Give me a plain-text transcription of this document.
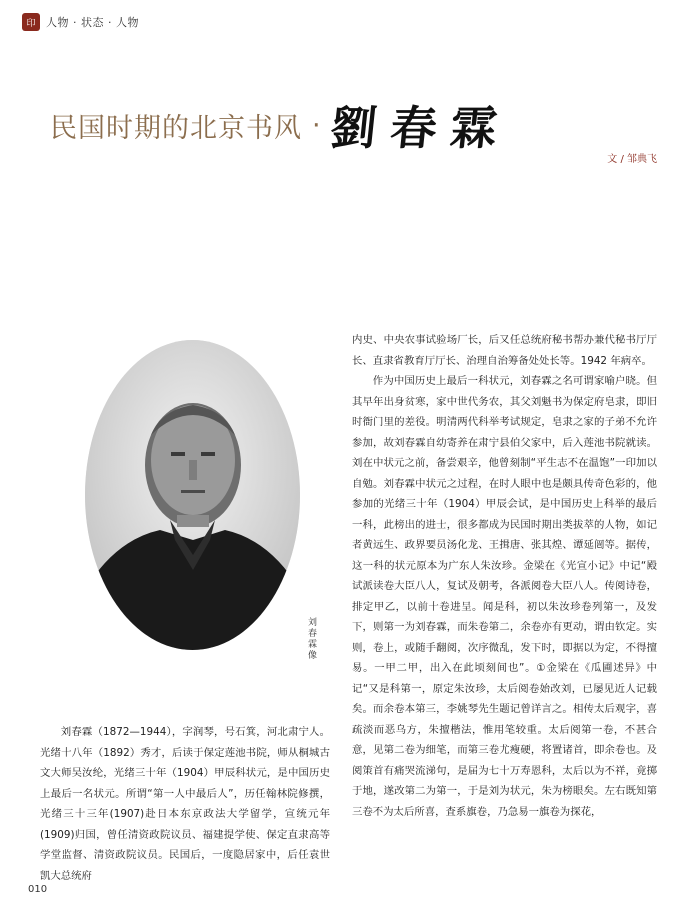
印 人物 · 状态 · 人物
民国时期的北京书风 · 劉春霖
文 / 邹典飞
刘春霖像

刘春霖（1872—1944），字润琴，号石箕，河北肃宁人。光绪十八年（1892）秀才，后读于保定莲池书院，师从桐城古文大师吴汝纶，光绪三十年（1904）甲辰科状元，是中国历史上最后一名状元。所谓“第一人中最后人”，历任翰林院修撰，光绪三十三年(1907)赴日本东京政法大学留学，宣统元年(1909)归国，曾任清资政院议员、福建提学使、保定直隶高等学堂监督、清资政院议员。民国后，一度隐居家中，后任袁世凯大总统府

内史、中央农事试验场厂长，后又任总统府秘书帮办兼代秘书厅厅长、直隶省教育厅厅长、治理自治筹备处处长等。1942 年病卒。

作为中国历史上最后一科状元，刘春霖之名可谓家喻户晓。但其早年出身贫寒，家中世代务农，其父刘魁书为保定府皂隶，即旧时衙门里的差役。明清两代科举考试规定，皂隶之家的子弟不允许参加，故刘春霖自幼寄养在肃宁县伯父家中，后入莲池书院就读。刘在中状元之前，备尝艰辛，他曾刻制“平生志不在温饱”一印加以自勉。刘春霖中状元之过程，在时人眼中也是颇具传奇色彩的，他参加的光绪三十年（1904）甲辰会试，是中国历史上科举的最后一科，此榜出的进士，很多都成为民国时期出类拔萃的人物，如记者黄远生、政界要员汤化龙、王揖唐、张其煌、谭延闿等。据传，这一科的状元原本为广东人朱汝珍。金梁在《光宣小记》中记“殿试派读卷大臣八人，复试及朝考，各派阅卷大臣八人。传阅诗卷，排定甲乙，以前十卷进呈。闻是科，初以朱汝珍卷列第一，及发下，则第一为刘春霖，而朱卷第二，余卷亦有更动，谓由钦定。实则，卷上，或随手翻阅，次序微乱，发下时，即据以为定，不得擅易。一甲二甲，出入在此顷刻间也”。①金梁在《瓜圃述异》中记“又是科第一，原定朱汝珍，太后阅卷始改刘，已屡见近人记载矣。而余卷本第三，李姚琴先生题记曾详言之。相传太后观字，喜疏淡而恶乌方，朱擅楷法，惟用笔较重。太后阅第一卷，不甚合意，见第二卷为细笔，而第三卷尤瘦硬，将置诸首，即余卷也。及阅策首有痛哭流涕句，是届为七十万寿恩科，太后以为不祥，竟掷于地，遂改第二为第一，于是刘为状元，朱为榜眼矣。左右既知第三卷不为太后所喜，査系旗卷，乃急易一旗卷为探花，

010
